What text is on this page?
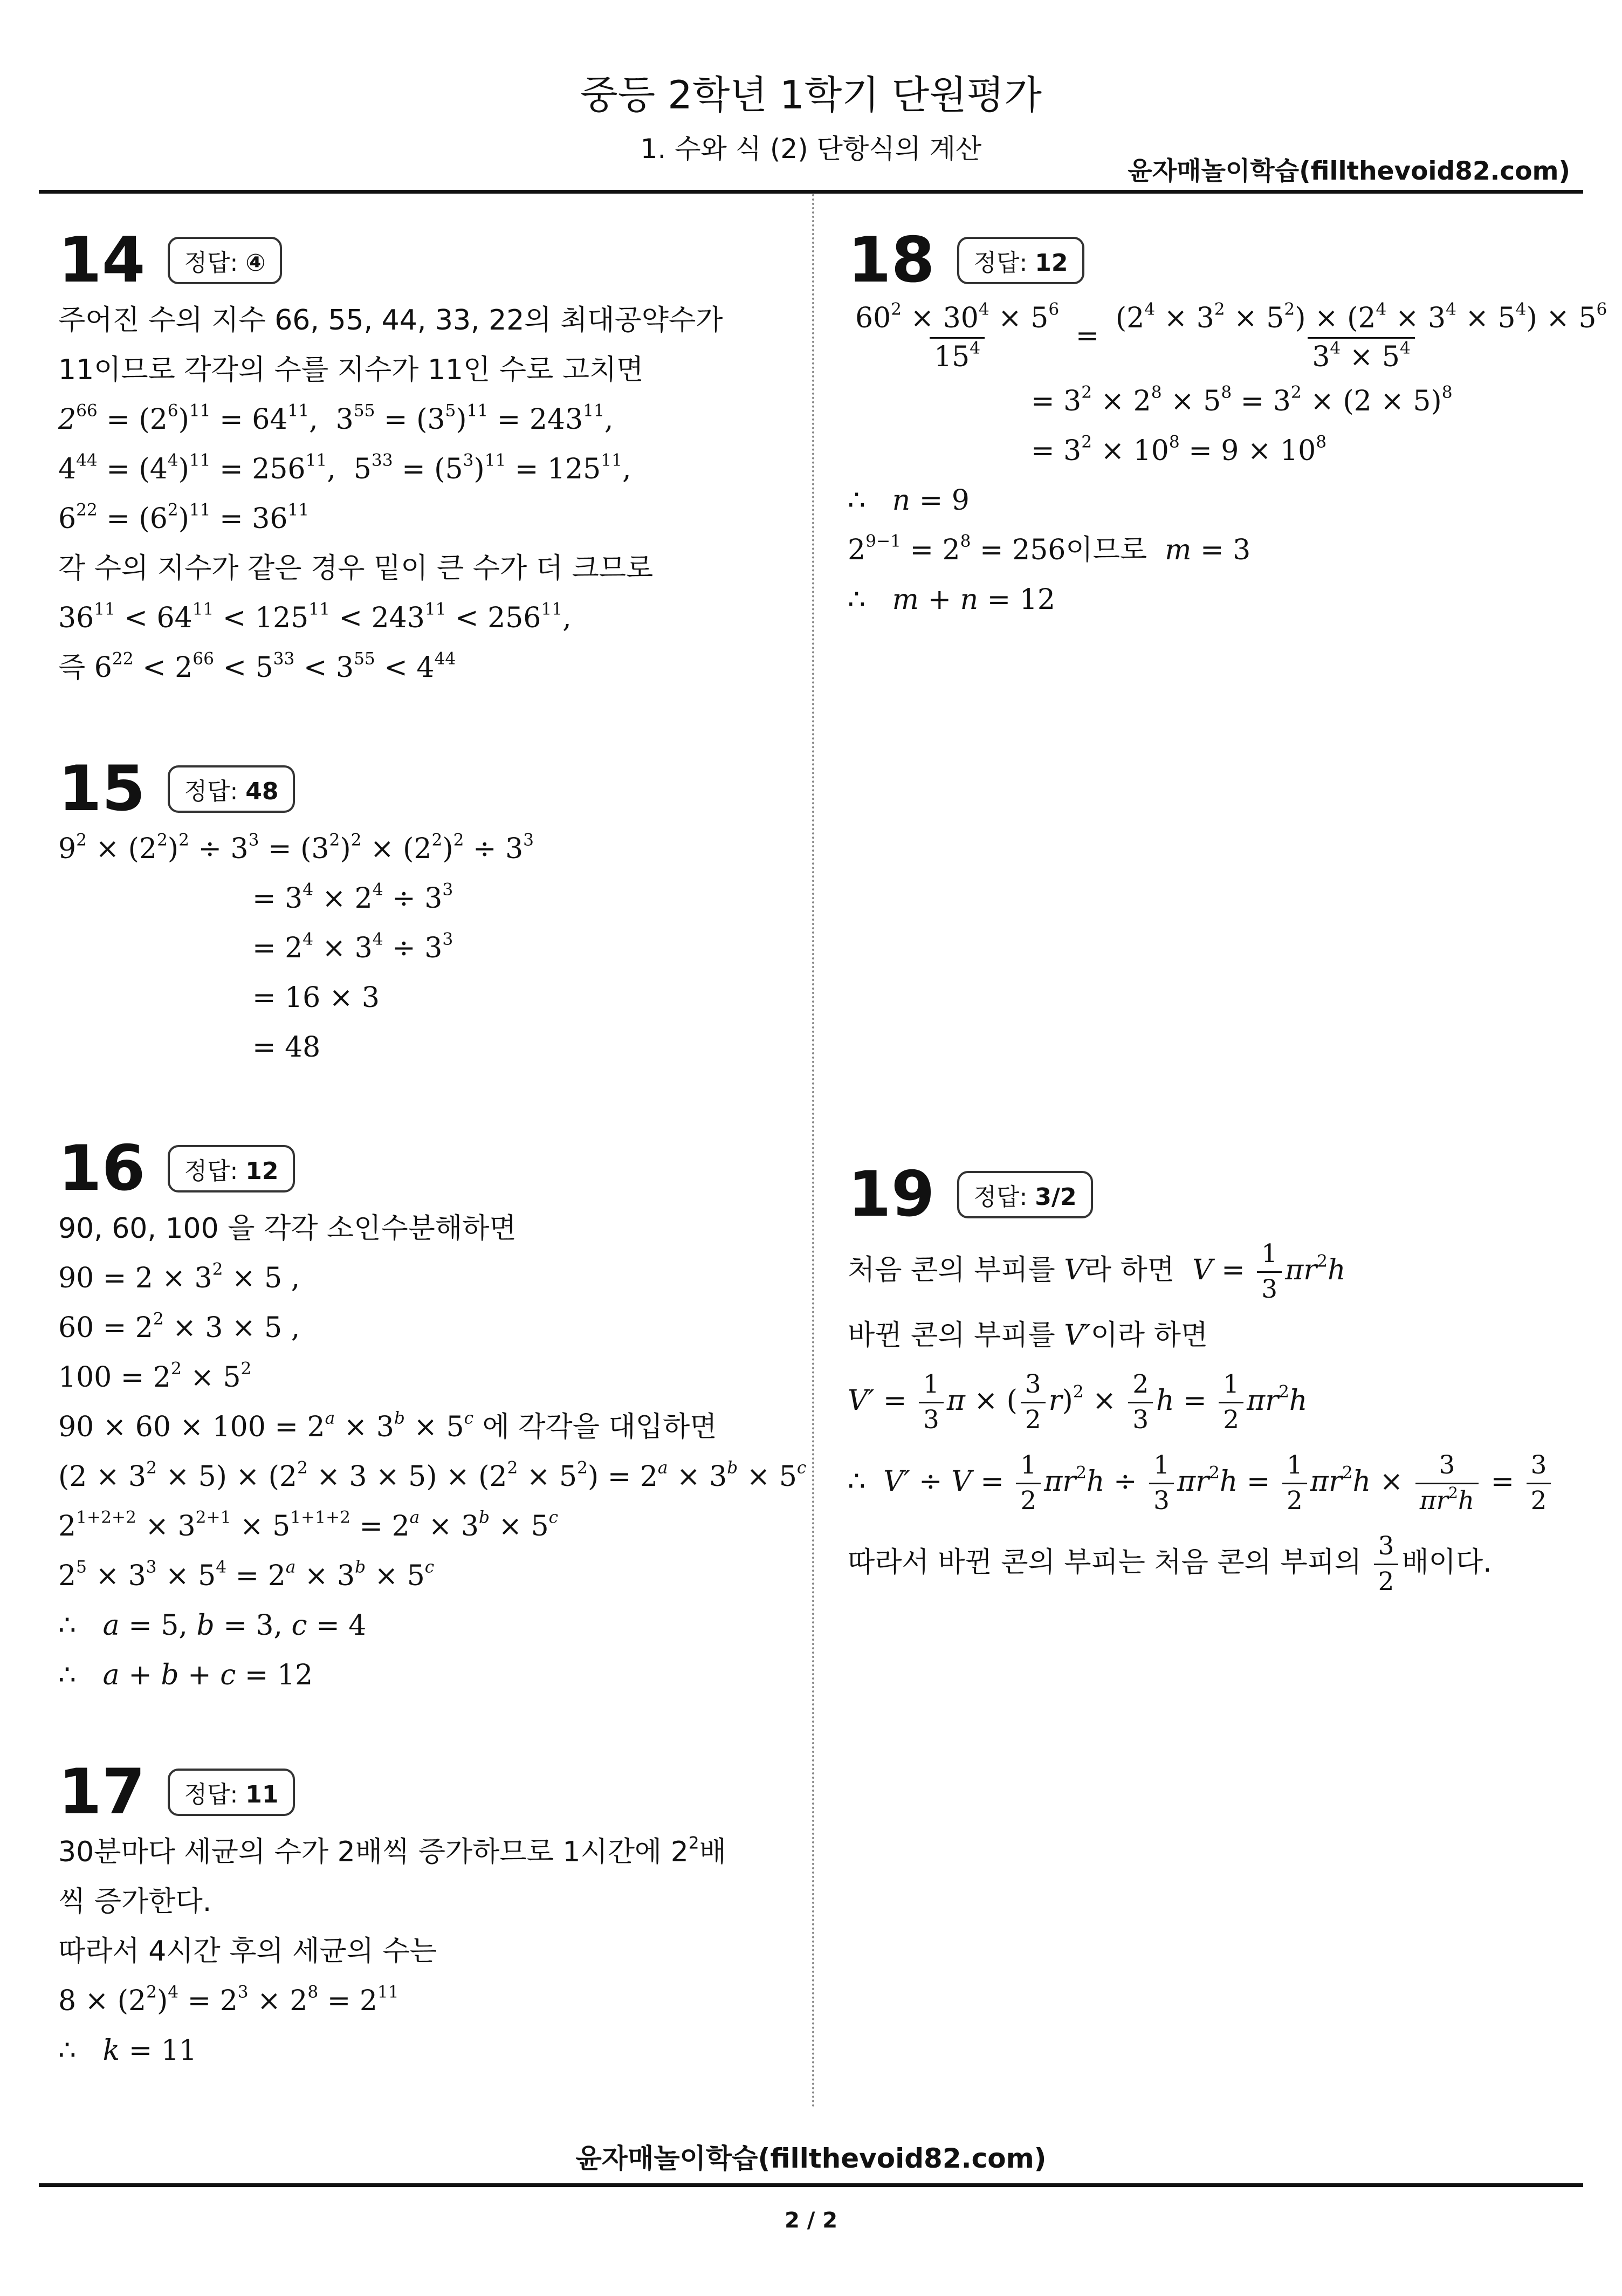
중등 2학년 1학기 단원평가
1. 수와 식 (2) 단항식의 계산
윤자매놀이학습(fillthevoid82.com)
14	정답: ④
주어진 수의 지수 66, 55, 44, 33, 22의 최대공약수가
11이므로 각각의 수를 지수가 11인 수로 고치면
$2^{66} = (2^6)^{11} = 64^{11}$,  $3^{55} = (3^5)^{11} = 243^{11}$,
$4^{44} = (4^4)^{11} = 256^{11}$,  $5^{33} = (5^3)^{11} = 125^{11}$,
$6^{22} = (6^2)^{11} = 36^{11}$
각 수의 지수가 같은 경우 밑이 큰 수가 더 크므로
$36^{11} < 64^{11} < 125^{11} < 243^{11} < 256^{11}$,
즉 $6^{22} < 2^{66} < 5^{33} < 3^{55} < 4^{44}$
15	정답: 48
$9^2 \times (2^2)^2 \div 3^3 = (3^2)^2 \times (2^2)^2 \div 3^3$
= $3^4 \times 2^4 \div 3^3$
= $2^4 \times 3^4 \div 3^3$
= 16 × 3
= 48
16	정답: 12
90, 60, 100 을 각각 소인수분해하면
$90 = 2 \times 3^2 \times 5$ ,
$60 = 2^2 \times 3 \times 5$ ,
$100 = 2^2 \times 5^2$
$90 \times 60 \times 100 = 2^a \times 3^b \times 5^c$ 에 각각을 대입하면
$(2 \times 3^2 \times 5) \times (2^2 \times 3 \times 5) \times (2^2 \times 5^2) = 2^a \times 3^b \times 5^c$
$2^{1+2+2} \times 3^{2+1} \times 5^{1+1+2} = 2^a \times 3^b \times 5^c$
$2^5 \times 3^3 \times 5^4 = 2^a \times 3^b \times 5^c$
∴   a = 5, b = 3, c = 4
∴   a + b + c = 12
17	정답: 11
30분마다 세균의 수가 2배씩 증가하므로 1시간에 $2^2$배
씩 증가한다.
따라서 4시간 후의 세균의 수는
$8 \times (2^2)^4 = 2^3 \times 2^8 = 2^{11}$
∴   k = 11
18	정답: 12
$\frac{60^2 \times 30^4 \times 5^6}{15^4} = \frac{(2^4 \times 3^2 \times 5^2) \times (2^4 \times 3^4 \times 5^4) \times 5^6}{3^4 \times 5^4}$
= $3^2 \times 2^8 \times 5^8 = 3^2 \times (2 \times 5)^8$
= $3^2 \times 10^8 = 9 \times 10^8$
∴   n = 9
$2^{9-1} = 2^8 = 256$이므로 m = 3
∴   m + n = 12
19	정답: 3/2
처음 콘의 부피를 V라 하면 $V = \frac{1}{3} \pi r^2h$
바뀐 콘의 부피를 V′이라 하면
$V' = \frac{1}{3}$ π × ( $\frac{3}{2} r)^2 \times \frac{2}{3}$ $h = \frac{1}{2} \pi r^2h$
∴  $V' \div V = \frac{1}{2} \pi r^2h \div \frac{1}{3} \pi r^2h = \frac{1}{2} \pi r^2h \times \frac{3}{\pi r^2h} = \frac{3}{2}$
따라서 바뀐 콘의 부피는 처음 콘의 부피의 $\frac{3}{2}$ 배이다.
윤자매놀이학습(fillthevoid82.com)
2 / 2
